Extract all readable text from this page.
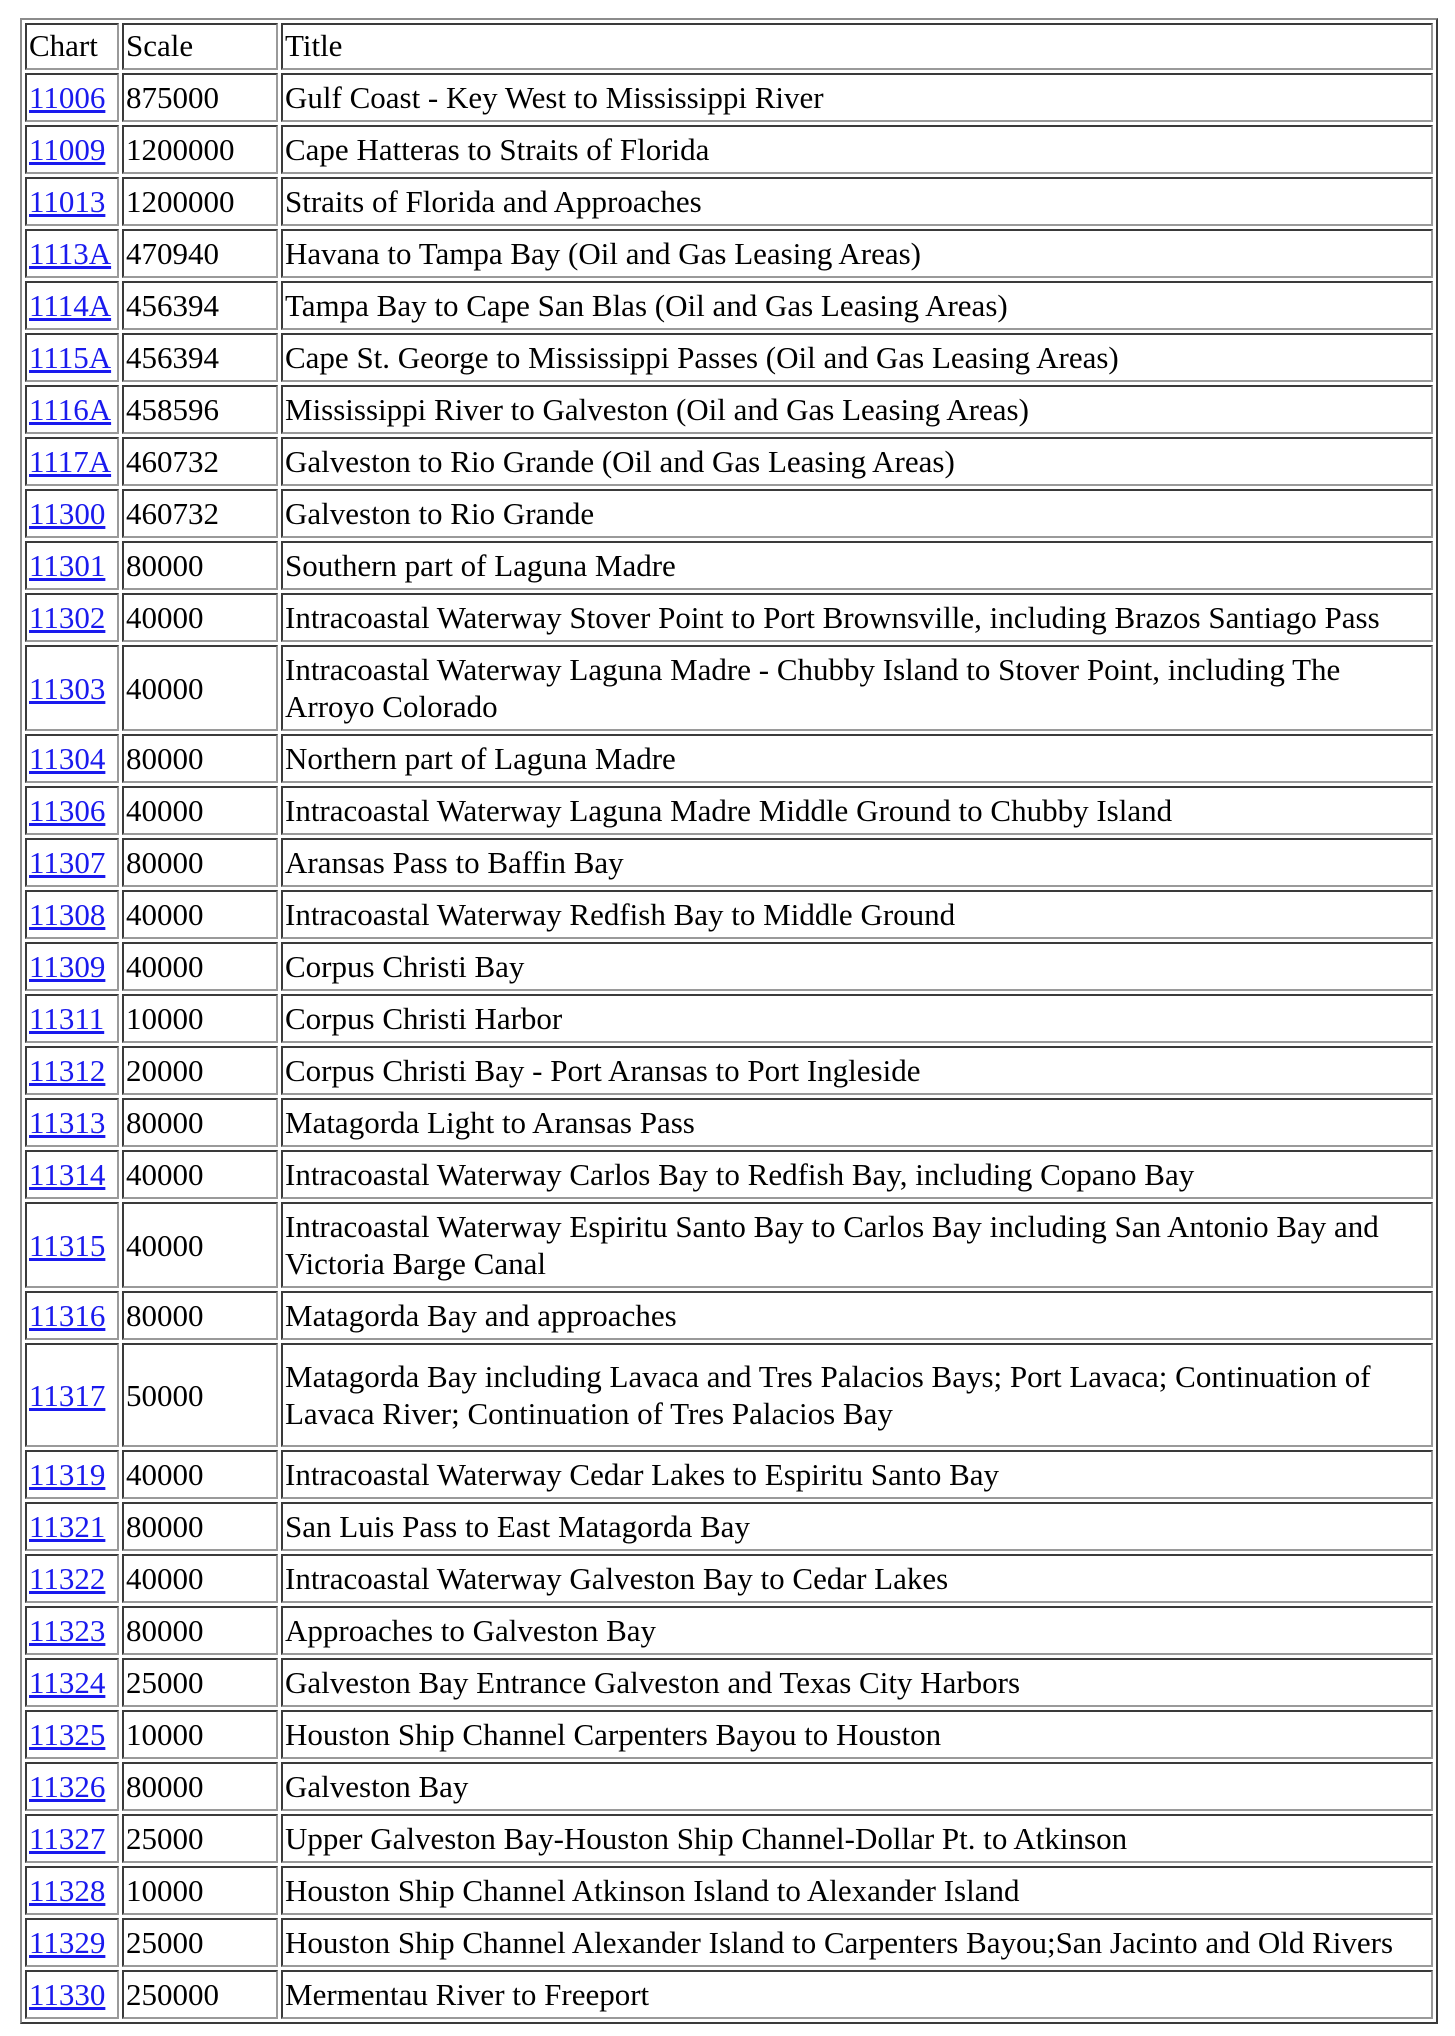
Chart	Scale	Title
11006	875000	Gulf Coast - Key West to Mississippi River
11009	1200000	Cape Hatteras to Straits of Florida
11013	1200000	Straits of Florida and Approaches
1113A	470940	Havana to Tampa Bay (Oil and Gas Leasing Areas)
1114A	456394	Tampa Bay to Cape San Blas (Oil and Gas Leasing Areas)
1115A	456394	Cape St. George to Mississippi Passes (Oil and Gas Leasing Areas)
1116A	458596	Mississippi River to Galveston (Oil and Gas Leasing Areas)
1117A	460732	Galveston to Rio Grande (Oil and Gas Leasing Areas)
11300	460732	Galveston to Rio Grande
11301	80000	Southern part of Laguna Madre
11302	40000	Intracoastal Waterway Stover Point to Port Brownsville, including Brazos Santiago Pass
11303	40000	Intracoastal Waterway Laguna Madre - Chubby Island to Stover Point, including The Arroyo Colorado
11304	80000	Northern part of Laguna Madre
11306	40000	Intracoastal Waterway Laguna Madre Middle Ground to Chubby Island
11307	80000	Aransas Pass to Baffin Bay
11308	40000	Intracoastal Waterway Redfish Bay to Middle Ground
11309	40000	Corpus Christi Bay
11311	10000	Corpus Christi Harbor
11312	20000	Corpus Christi Bay - Port Aransas to Port Ingleside
11313	80000	Matagorda Light to Aransas Pass
11314	40000	Intracoastal Waterway Carlos Bay to Redfish Bay, including Copano Bay
11315	40000	Intracoastal Waterway Espiritu Santo Bay to Carlos Bay including San Antonio Bay and Victoria Barge Canal
11316	80000	Matagorda Bay and approaches
11317	50000	Matagorda Bay including Lavaca and Tres Palacios Bays; Port Lavaca; Continuation of Lavaca River; Continuation of Tres Palacios Bay
11319	40000	Intracoastal Waterway Cedar Lakes to Espiritu Santo Bay
11321	80000	San Luis Pass to East Matagorda Bay
11322	40000	Intracoastal Waterway Galveston Bay to Cedar Lakes
11323	80000	Approaches to Galveston Bay
11324	25000	Galveston Bay Entrance Galveston and Texas City Harbors
11325	10000	Houston Ship Channel Carpenters Bayou to Houston
11326	80000	Galveston Bay
11327	25000	Upper Galveston Bay-Houston Ship Channel-Dollar Pt. to Atkinson
11328	10000	Houston Ship Channel Atkinson Island to Alexander Island
11329	25000	Houston Ship Channel Alexander Island to Carpenters Bayou;San Jacinto and Old Rivers
11330	250000	Mermentau River to Freeport
